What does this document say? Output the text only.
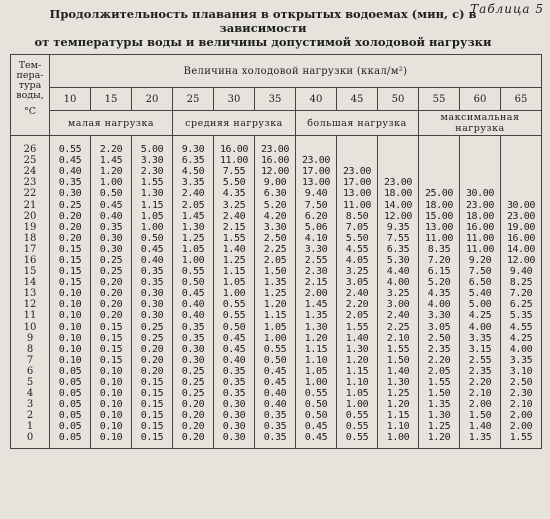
Таблица 5
Продолжительность плавания в открытых водоемах (мин, с) в зависимости
от температуры воды и величины допустимой холодовой нагрузки
Тем-
пера-
тура
воды,
°С	Величина холодовой нагрузки (ккал/м²)											
	10	15	20	25	30	35	40	45	50	55	60	65
	малая нагрузка			средняя нагрузка			большая нагрузка			максимальная нагрузка		
26	0.55	2.20	5.00	9.30	16.00	23.00						
25	0.45	1.45	3.30	6.35	11.00	16.00	23.00					
24	0.40	1.20	2.30	4.50	7.55	12.00	17.00	23.00				
23	0.35	1.00	1.55	3.35	5.50	9.00	13.00	17.00	23.00			
22	0.30	0.50	1.30	2.40	4.35	6.30	9.40	13.00	18.00	25.00	30.00	
21	0.25	0.45	1.15	2.05	3.25	5.20	7.50	11.00	14.00	18.00	23.00	30.00
20	0.20	0.40	1.05	1.45	2.40	4.20	6.20	8.50	12.00	15.00	18.00	23.00
19	0.20	0.35	1.00	1.30	2.15	3.30	5.06	7.05	9.35	13.00	16.00	19.00
18	0.20	0.30	0.50	1.25	1.55	2.50	4.10	5.50	7.55	11.00	11.00	16.00
17	0.15	0.30	0.45	1.05	1.40	2.25	3.30	4.55	6.35	8.35	11.00	14.00
16	0.15	0.25	0.40	1.00	1.25	2.05	2.55	4.05	5.30	7.20	9.20	12.00
15	0.15	0.25	0.35	0.55	1.15	1.50	2.30	3.25	4.40	6.15	7.50	9.40
14	0.15	0.20	0.35	0.50	1.05	1.35	2.15	3.05	4.00	5.20	6.50	8.25
13	0.10	0.20	0.30	0.45	1.00	1.25	2.00	2.40	3.25	4.35	5.40	7.20
12	0.10	0.20	0.30	0.40	0.55	1.20	1.45	2.20	3.00	4.00	5.00	6.25
11	0.10	0.20	0.30	0.40	0.55	1.15	1.35	2.05	2.40	3.30	4.25	5.35
10	0.10	0.15	0.25	0.35	0.50	1.05	1.30	1.55	2.25	3.05	4.00	4.55
9	0.10	0.15	0.25	0.35	0.45	1.00	1.20	1.40	2.10	2.50	3.35	4.25
8	0.10	0.15	0.20	0.30	0.45	0.55	1.15	1.30	1.55	2.35	3.15	4.00
7	0.10	0.15	0.20	0.30	0.40	0.50	1.10	1.20	1.50	2.20	2.55	3.35
6	0.05	0.10	0.20	0.25	0.35	0.45	1.05	1.15	1.40	2.05	2.35	3.10
5	0.05	0.10	0.15	0.25	0.35	0.45	1.00	1.10	1.30	1.55	2.20	2.50
4	0.05	0.10	0.15	0.25	0.35	0.40	0.55	1.05	1.25	1.50	2.10	2.30
3	0.05	0.10	0.15	0.20	0.30	0.40	0.50	1.00	1.20	1.35	2.00	2.10
2	0.05	0.10	0.15	0.20	0.30	0.35	0.50	0.55	1.15	1.30	1.50	2.00
1	0.05	0.10	0.15	0.20	0.30	0.35	0.45	0.55	1.10	1.25	1.40	2.00
0	0.05	0.10	0.15	0.20	0.30	0.35	0.45	0.55	1.00	1.20	1.35	1.55
